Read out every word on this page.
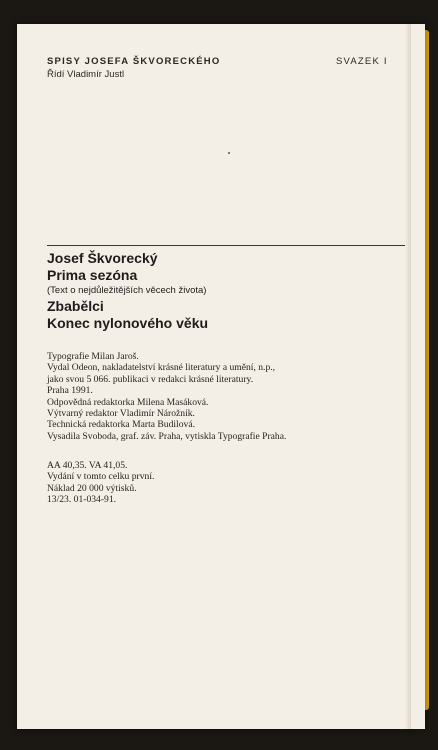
SPISY JOSEFA ŠKVORECKÉHO
Řídí Vladimír Justl
SVAZEK I
Josef Škvorecký
Prima sezóna
(Text o nejdůležitějších věcech života)
Zbabělci
Konec nylonového věku
Typografie Milan Jaroš.
Vydal Odeon, nakladatelství krásné literatury a umění, n.p.,
jako svou 5 066. publikaci v redakci krásné literatury.
Praha 1991.
Odpovědná redaktorka Milena Masáková.
Výtvarný redaktor Vladimír Nárožník.
Technická redaktorka Marta Budilová.
Vysadila Svoboda, graf. záv. Praha, vytiskla Typografie Praha.
AA 40,35. VA 41,05.
Vydání v tomto celku první.
Náklad 20 000 výtisků.
13/23. 01-034-91.
